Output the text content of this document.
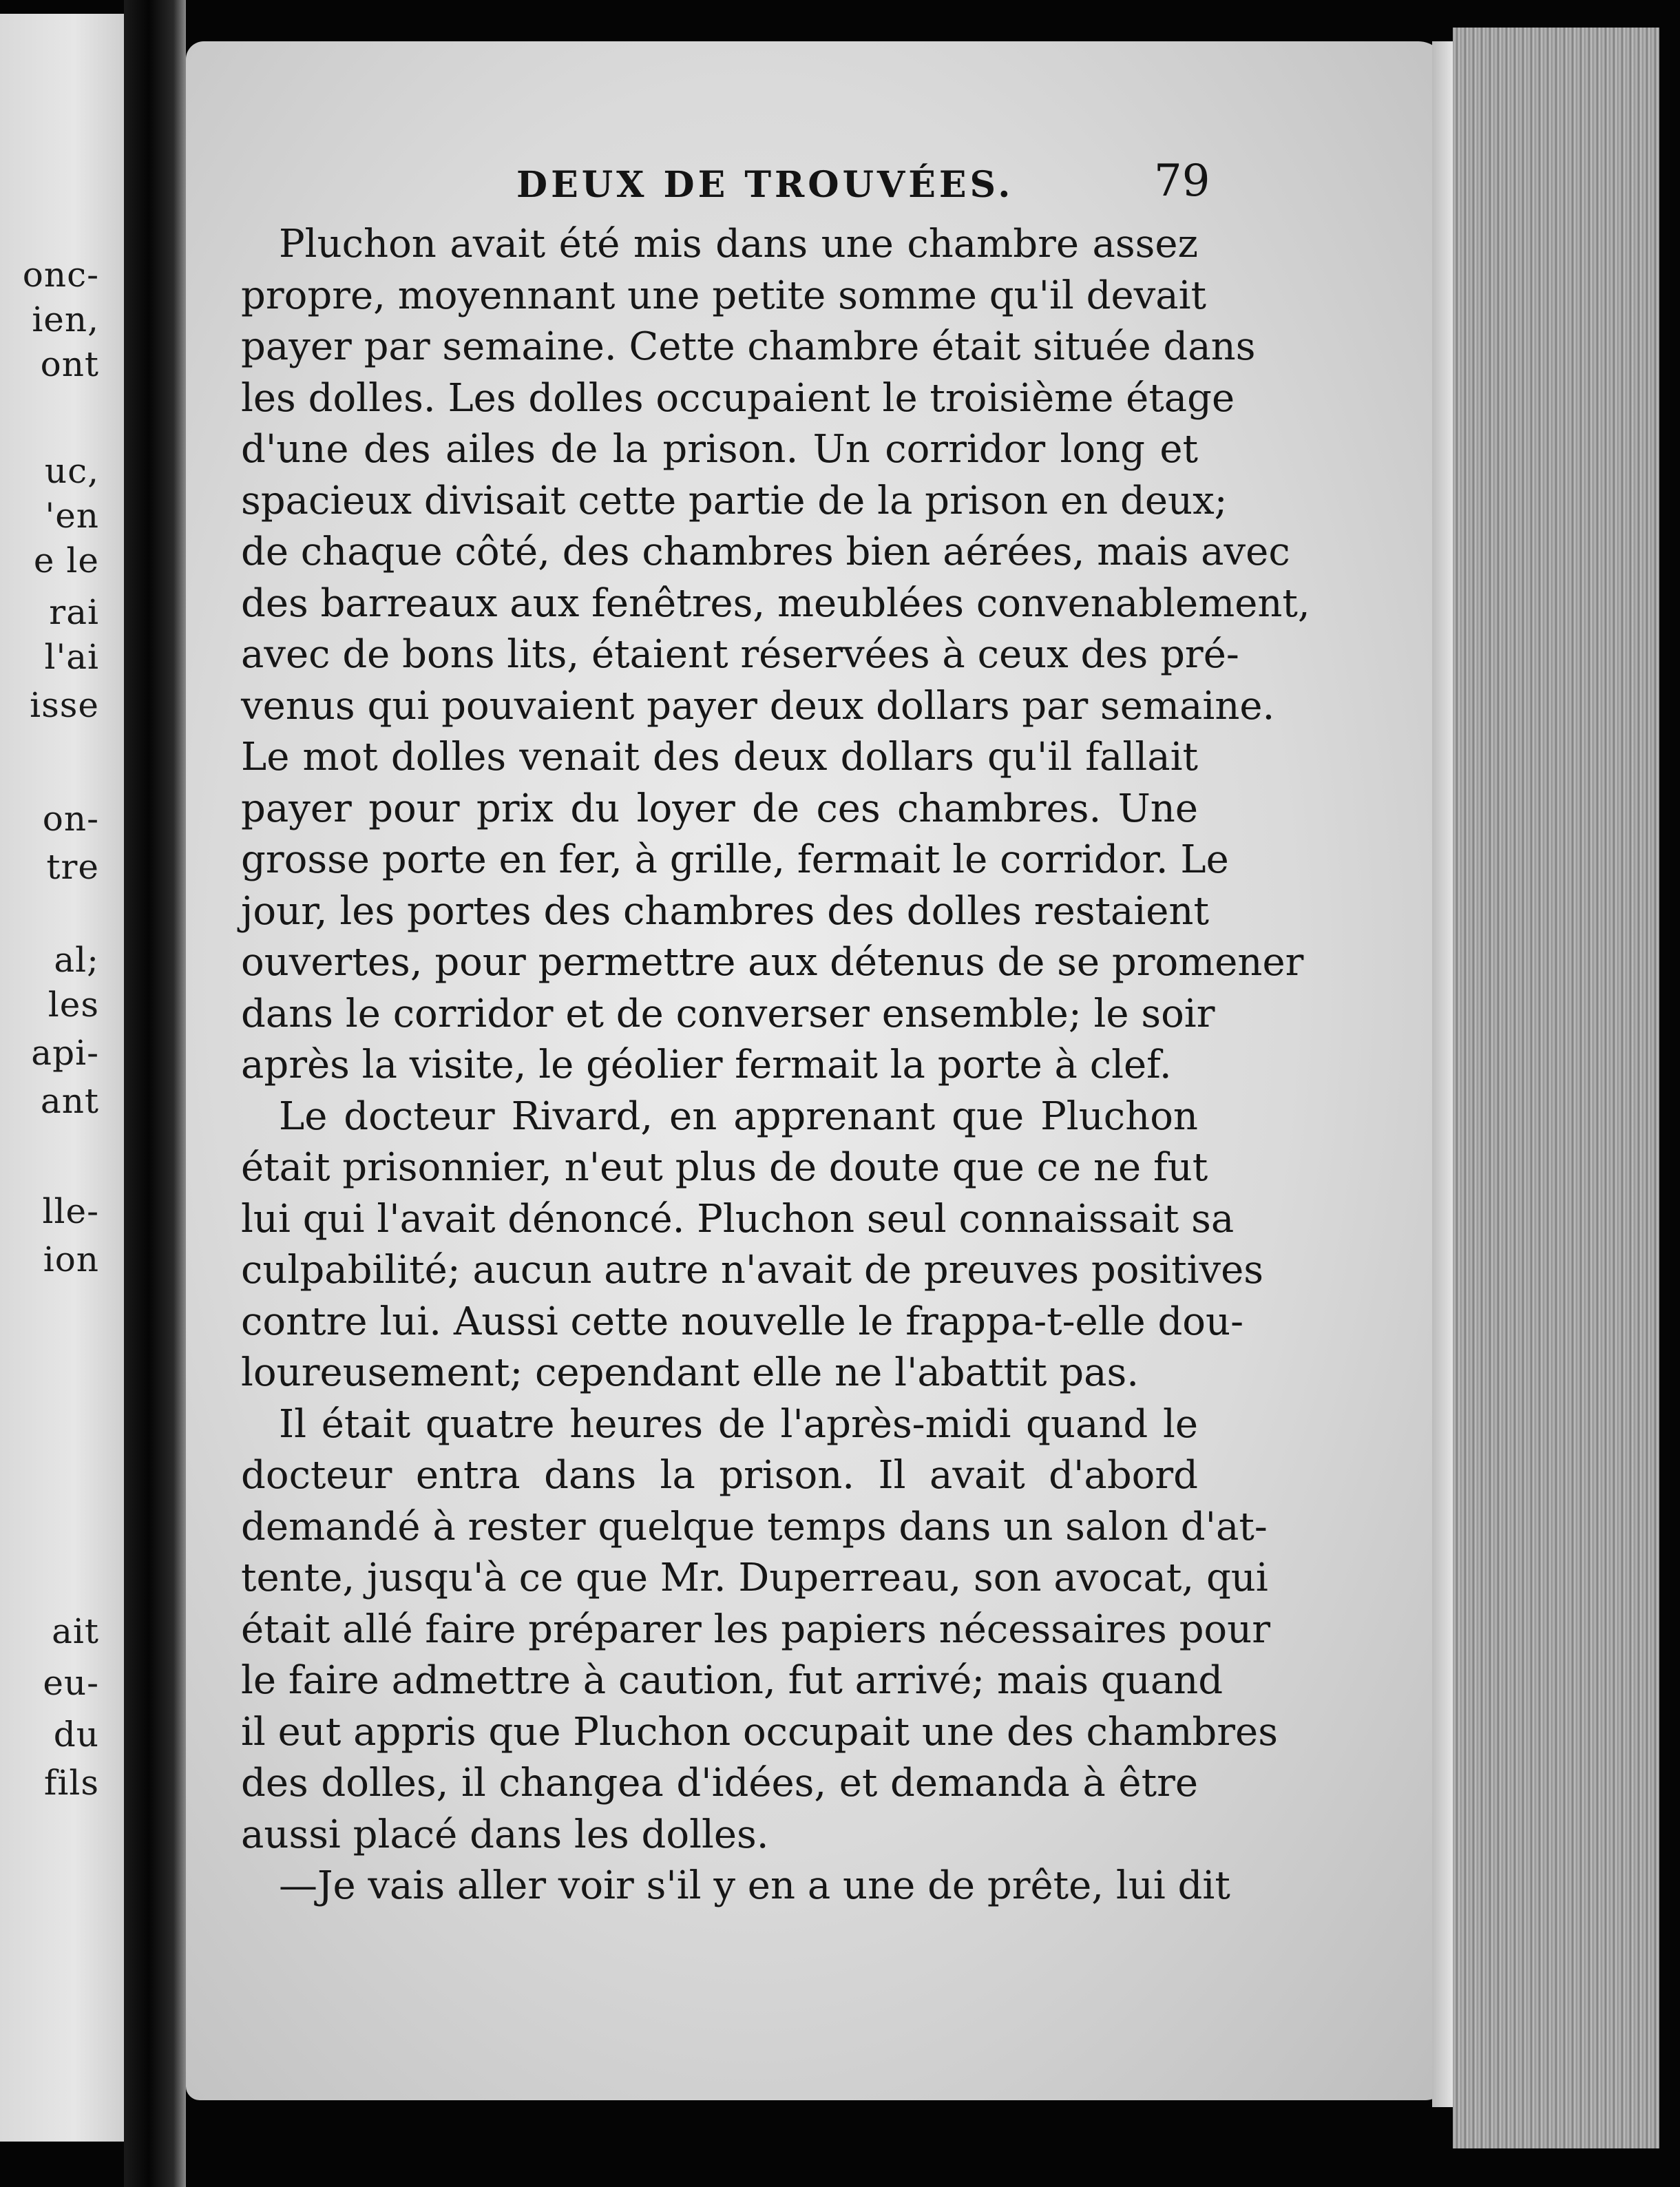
onc-
ien,
ont
uc,
'en
e le
rai
l'ai
isse
on-
tre
al;
les
api-
ant
lle-
ion
ait
eu-
du
fils
DEUX DE TROUVÉES.	79
Pluchon avait été mis dans une chambre assez
propre, moyennant une petite somme qu'il devait
payer par semaine. Cette chambre était située dans
les dolles. Les dolles occupaient le troisième étage
d'une des ailes de la prison. Un corridor long et
spacieux divisait cette partie de la prison en deux;
de chaque côté, des chambres bien aérées, mais avec
des barreaux aux fenêtres, meublées convenablement,
avec de bons lits, étaient réservées à ceux des pré-
venus qui pouvaient payer deux dollars par semaine.
Le mot dolles venait des deux dollars qu'il fallait
payer pour prix du loyer de ces chambres. Une
grosse porte en fer, à grille, fermait le corridor. Le
jour, les portes des chambres des dolles restaient
ouvertes, pour permettre aux détenus de se promener
dans le corridor et de converser ensemble; le soir
après la visite, le géolier fermait la porte à clef.
Le docteur Rivard, en apprenant que Pluchon
était prisonnier, n'eut plus de doute que ce ne fut
lui qui l'avait dénoncé. Pluchon seul connaissait sa
culpabilité; aucun autre n'avait de preuves positives
contre lui. Aussi cette nouvelle le frappa-t-elle dou-
loureusement; cependant elle ne l'abattit pas.
Il était quatre heures de l'après-midi quand le
docteur entra dans la prison. Il avait d'abord
demandé à rester quelque temps dans un salon d'at-
tente, jusqu'à ce que Mr. Duperreau, son avocat, qui
était allé faire préparer les papiers nécessaires pour
le faire admettre à caution, fut arrivé; mais quand
il eut appris que Pluchon occupait une des chambres
des dolles, il changea d'idées, et demanda à être
aussi placé dans les dolles.
—Je vais aller voir s'il y en a une de prête, lui dit
